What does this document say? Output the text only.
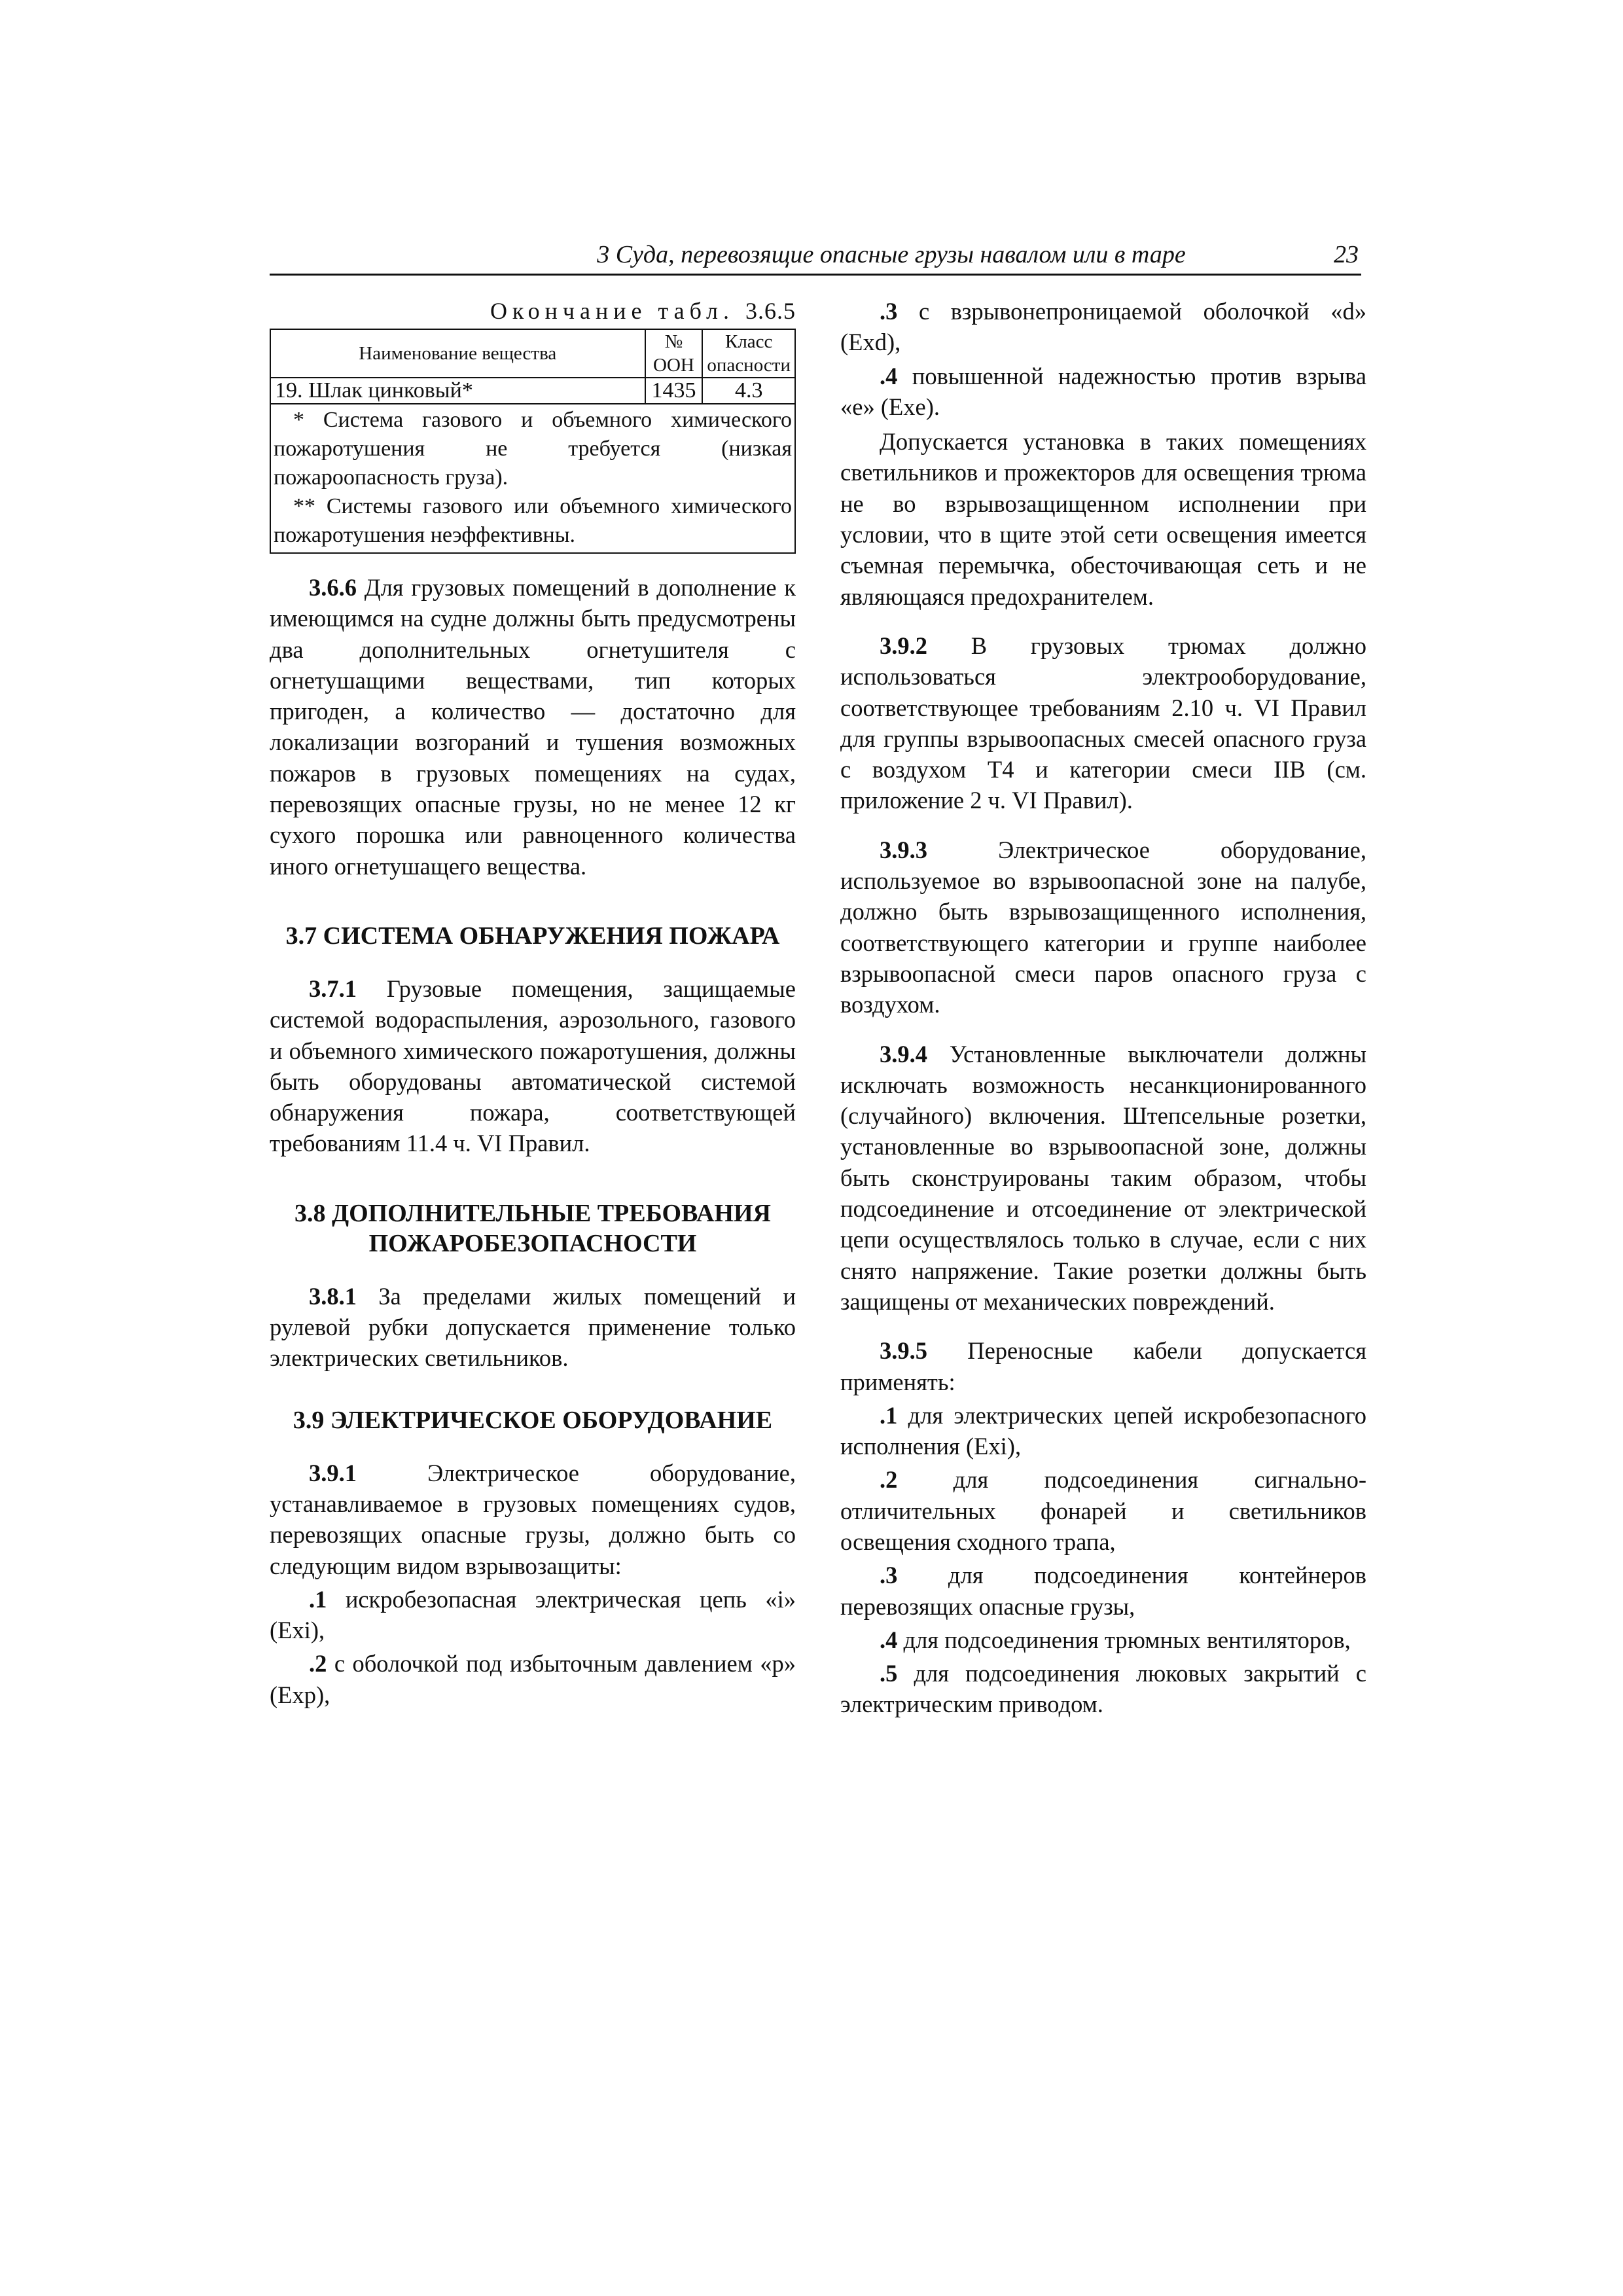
3 Суда, перевозящие опасные грузы навалом или в таре	23
Окончание табл. 3.6.5
Наименование вещества	№ ООН	Класс опасности
19. Шлак цинковый*	1435	4.3

* Система газового и объемного химического пожаротушения не требуется (низкая пожароопасность груза).

** Системы газового или объемного химического пожаротушения неэффективны.		

3.6.6 Для грузовых помещений в дополнение к имеющимся на судне должны быть предусмотрены два дополнительных огнетушителя с огнетушащими веществами, тип которых пригоден, а количество — достаточно для локализации возгораний и тушения возможных пожаров в грузовых помещениях на судах, перевозящих опасные грузы, но не менее 12 кг сухого порошка или равноценного количества иного огнетушащего вещества.

3.7 СИСТЕМА ОБНАРУЖЕНИЯ ПОЖАРА

3.7.1 Грузовые помещения, защищаемые системой водораспыления, аэрозольного, газового и объемного химического пожаротушения, должны быть оборудованы автоматической системой обнаружения пожара, соответствующей требованиям 11.4 ч. VI Правил.

3.8 ДОПОЛНИТЕЛЬНЫЕ ТРЕБОВАНИЯ ПОЖАРОБЕЗОПАСНОСТИ

3.8.1 За пределами жилых помещений и рулевой рубки допускается применение только электрических светильников.

3.9 ЭЛЕКТРИЧЕСКОЕ ОБОРУДОВАНИЕ

3.9.1	Электрическое оборудование, устанавливаемое в грузовых помещениях судов, перевозящих опасные грузы, должно быть со следующим видом взрывозащиты:

.1 искробезопасная электрическая цепь «i» (Exi),

.2 с оболочкой под избыточным давлением «p» (Exp),

.3 с взрывонепроницаемой оболочкой «d» (Exd),

.4 повышенной надежностью против взрыва «e» (Exe).

Допускается установка в таких помещениях светильников и прожекторов для освещения трюма не во взрывозащищенном исполнении при условии, что в щите этой сети освещения имеется съемная перемычка, обесточивающая сеть и не являющаяся предохранителем.

3.9.2 В грузовых трюмах должно использоваться электрооборудование, соответствующее требованиям 2.10 ч. VI Правил для группы взрывоопасных смесей опасного груза с воздухом T4 и категории смеси IIB (см. приложение 2 ч. VI Правил).

3.9.3	Электрическое оборудование, используемое во взрывоопасной зоне на палубе, должно быть взрывозащищенного исполнения, соответствующего категории и группе наиболее взрывоопасной смеси паров опасного груза с воздухом.

3.9.4 Установленные выключатели должны исключать возможность несанкционированного (случайного) включения. Штепсельные розетки, установленные во взрывоопасной зоне, должны быть сконструированы таким образом, чтобы подсоединение и отсоединение от электрической цепи осуществлялось только в случае, если с них снято напряжение. Такие розетки должны быть защищены от механических повреждений.

3.9.5 Переносные кабели допускается применять:

.1 для электрических цепей искробезопасного исполнения (Exi),

.2 для подсоединения сигнально-отличительных фонарей и светильников освещения сходного трапа,

.3 для подсоединения контейнеров перевозящих опасные грузы,

.4 для подсоединения трюмных вентиляторов,

.5 для подсоединения люковых закрытий с электрическим приводом.
